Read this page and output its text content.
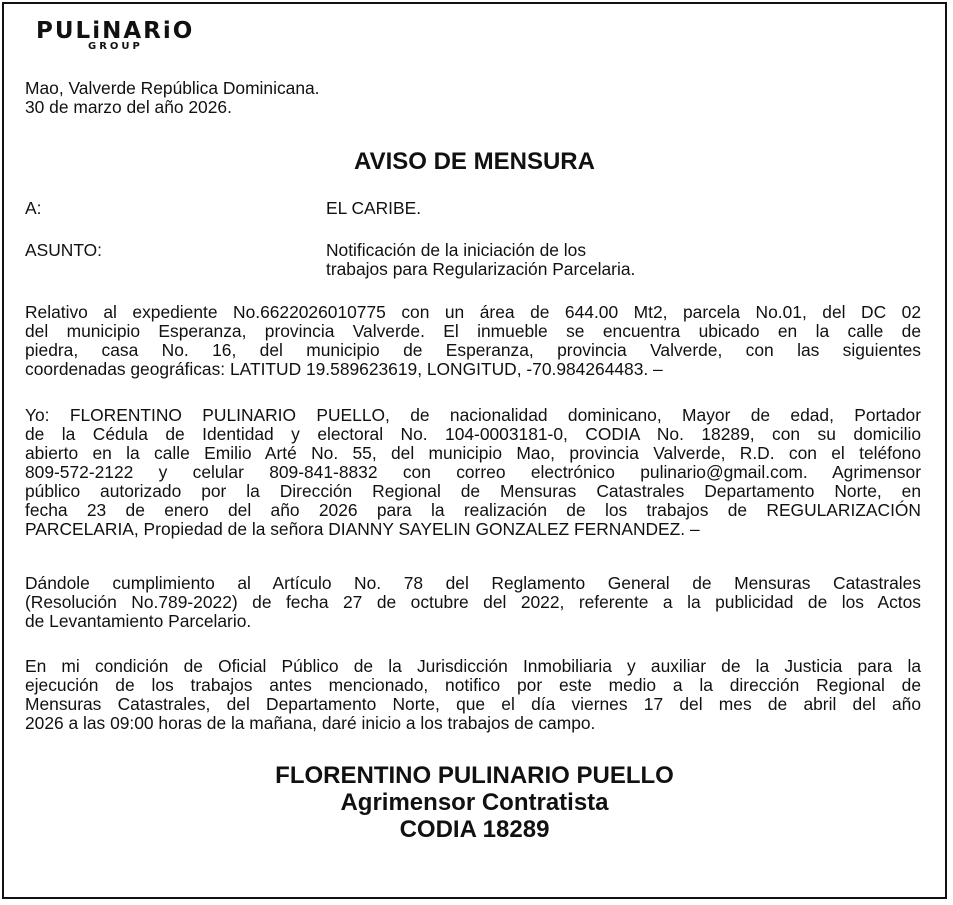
PULiNARiO
GROUP
Mao, Valverde República Dominicana.
30 de marzo del año 2026.
AVISO DE MENSURA
A:	EL CARIBE.
ASUNTO:	Notificación de la iniciación de los
trabajos para Regularización Parcelaria.
Relativo al expediente No.6622026010775 con un área de 644.00 Mt2, parcela No.01, del DC 02
del municipio Esperanza, provincia Valverde. El inmueble se encuentra ubicado en la calle de
piedra, casa No. 16, del municipio de Esperanza, provincia Valverde, con las siguientes
coordenadas geográficas: LATITUD 19.589623619, LONGITUD, -70.984264483. –
Yo: FLORENTINO PULINARIO PUELLO, de nacionalidad dominicano, Mayor de edad, Portador
de la Cédula de Identidad y electoral No. 104-0003181-0, CODIA No. 18289, con su domicilio
abierto en la calle Emilio Arté No. 55, del municipio Mao, provincia Valverde, R.D. con el teléfono
809-572-2122 y celular 809-841-8832 con correo electrónico pulinario@gmail.com. Agrimensor
público autorizado por la Dirección Regional de Mensuras Catastrales Departamento Norte, en
fecha 23 de enero del año 2026 para la realización de los trabajos de REGULARIZACIÓN
PARCELARIA, Propiedad de la señora DIANNY SAYELIN GONZALEZ FERNANDEZ. –
Dándole cumplimiento al Artículo No. 78 del Reglamento General de Mensuras Catastrales
(Resolución No.789-2022) de fecha 27 de octubre del 2022, referente a la publicidad de los Actos
de Levantamiento Parcelario.
En mi condición de Oficial Público de la Jurisdicción Inmobiliaria y auxiliar de la Justicia para la
ejecución de los trabajos antes mencionado, notifico por este medio a la dirección Regional de
Mensuras Catastrales, del Departamento Norte, que el día viernes 17 del mes de abril del año
2026 a las 09:00 horas de la mañana, daré inicio a los trabajos de campo.
FLORENTINO PULINARIO PUELLO
Agrimensor Contratista
CODIA 18289
